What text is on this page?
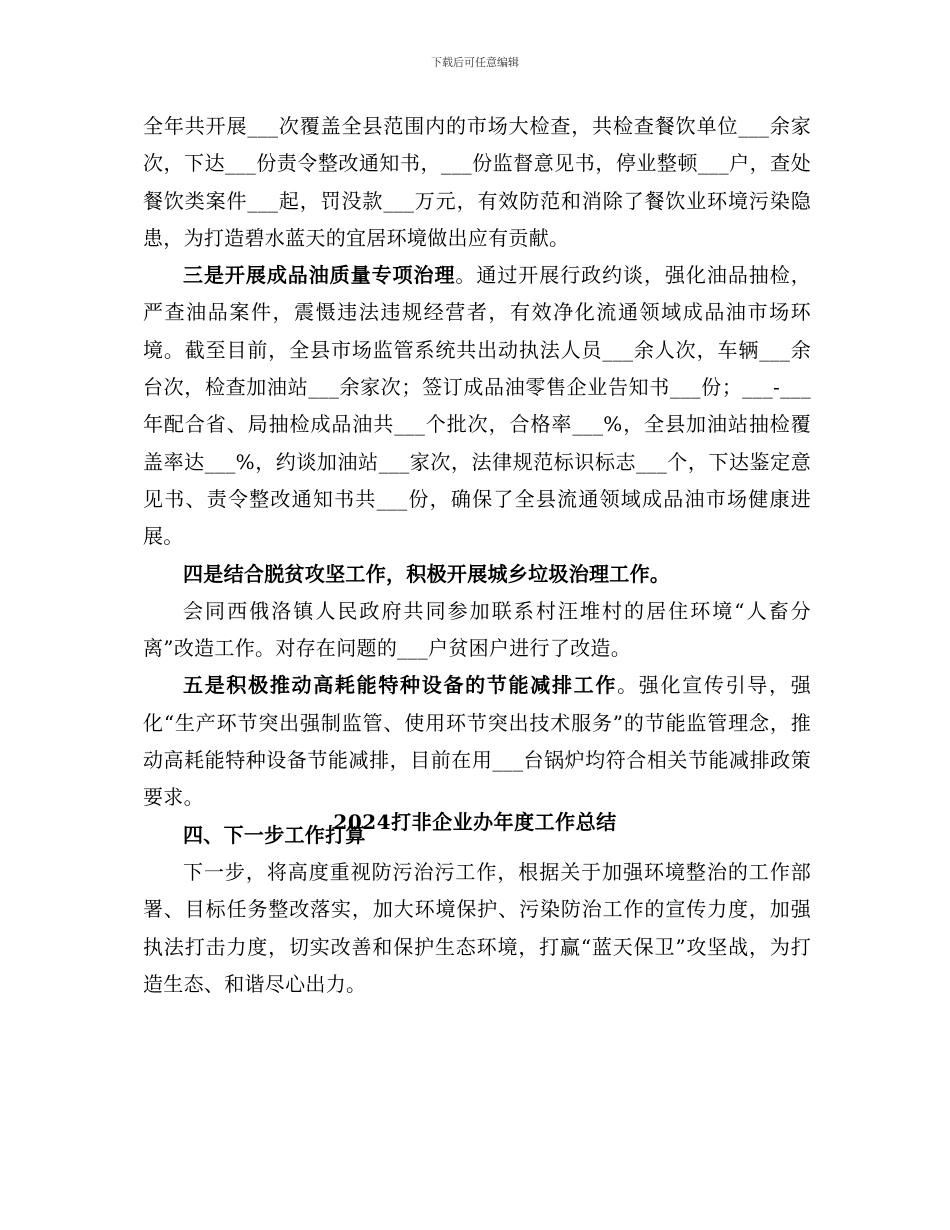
下载后可任意编辑

全年共开展___次覆盖全县范围内的市场大检查，共检查餐饮单位___余家次，下达___份责令整改通知书，___份监督意见书，停业整顿___户，查处餐饮类案件___起，罚没款___万元，有效防范和消除了餐饮业环境污染隐患，为打造碧水蓝天的宜居环境做出应有贡献。

三是开展成品油质量专项治理。通过开展行政约谈，强化油品抽检，严查油品案件，震慑违法违规经营者，有效净化流通领域成品油市场环境。截至目前，全县市场监管系统共出动执法人员___余人次，车辆___余台次，检查加油站___余家次；签订成品油零售企业告知书___份；___-___年配合省、局抽检成品油共___个批次，合格率___%，全县加油站抽检覆盖率达___%，约谈加油站___家次，法律规范标识标志___个，下达鉴定意见书、责令整改通知书共___份，确保了全县流通领域成品油市场健康进展。

四是结合脱贫攻坚工作，积极开展城乡垃圾治理工作。

会同西俄洛镇人民政府共同参加联系村汪堆村的居住环境“人畜分离”改造工作。对存在问题的___户贫困户进行了改造。

五是积极推动高耗能特种设备的节能减排工作。强化宣传引导，强化“生产环节突出强制监管、使用环节突出技术服务”的节能监管理念，推动高耗能特种设备节能减排，目前在用___台锅炉均符合相关节能减排政策要求。

四、下一步工作打算

下一步，将高度重视防污治污工作，根据关于加强环境整治的工作部署、目标任务整改落实，加大环境保护、污染防治工作的宣传力度，加强执法打击力度，切实改善和保护生态环境，打赢“蓝天保卫”攻坚战，为打造生态、和谐尽心出力。

2024打非企业办年度工作总结
